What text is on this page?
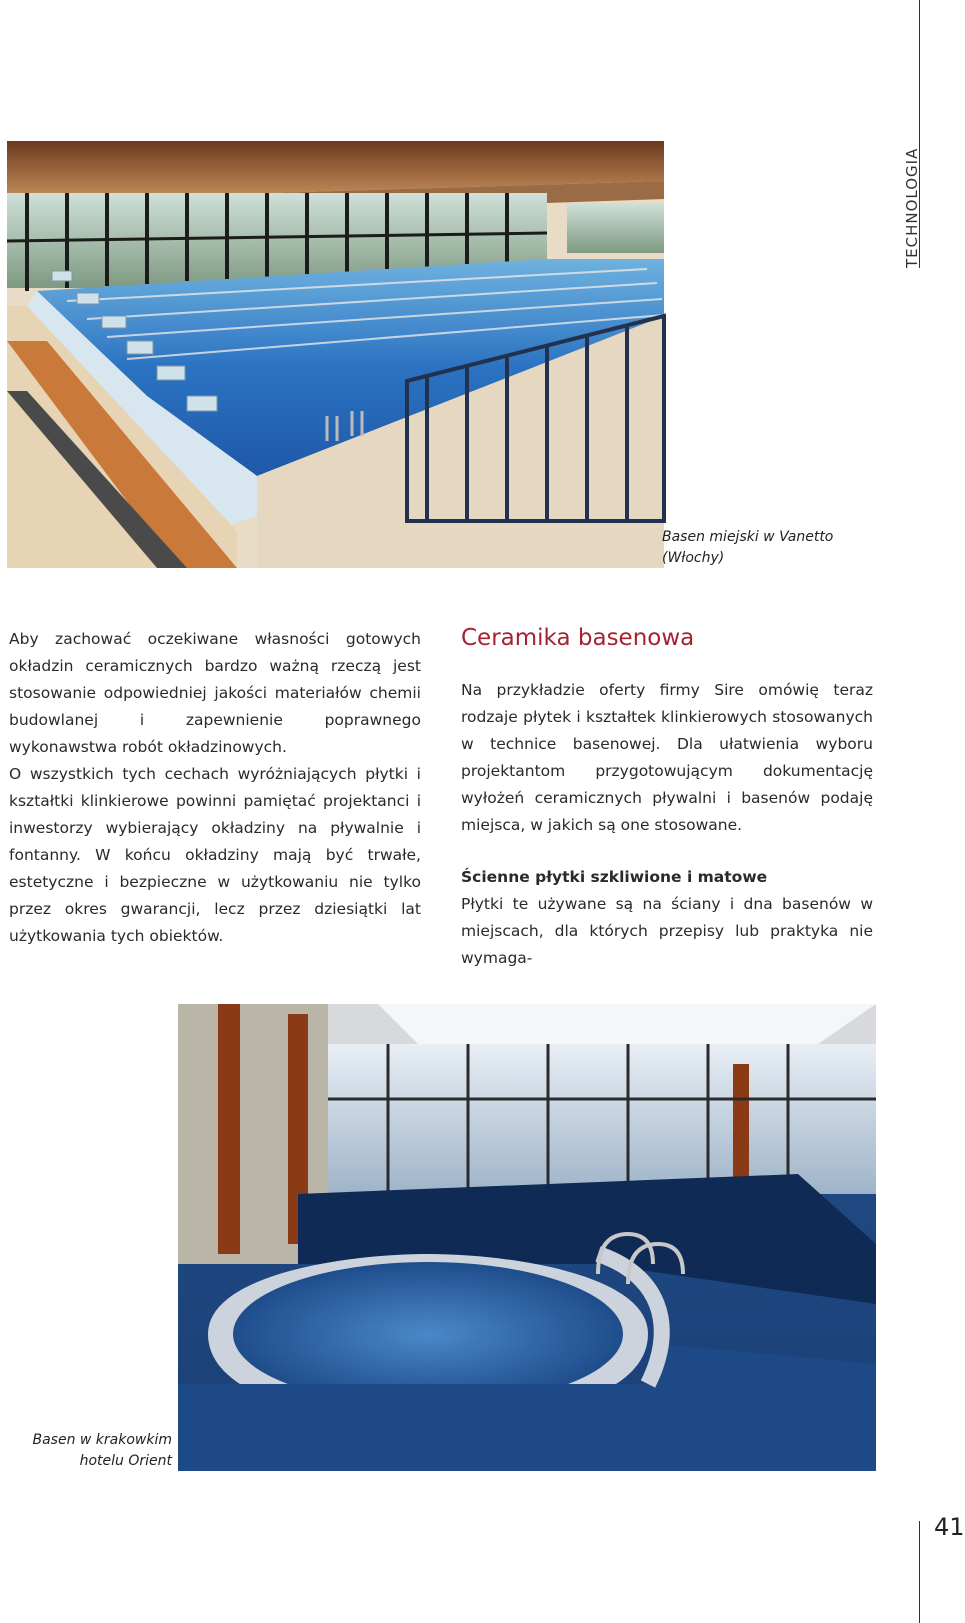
TECHNOLOGIA
Basen miejski w Vanetto
(Włochy)

Aby zachować oczekiwane własności gotowych okładzin ceramicznych bardzo ważną rzeczą jest stosowanie odpowiedniej jakości materiałów chemii budowlanej i zapewnienie poprawnego wykonawstwa robót okładzinowych.

O wszystkich tych cechach wyróżniających płytki i kształtki klinkierowe powinni pamiętać projektanci i inwestorzy wybierający okładziny na pływalnie i fontanny. W końcu okładziny mają być trwałe, estetyczne i bezpieczne w użytkowaniu nie tylko przez okres gwarancji, lecz przez dziesiątki lat użytkowania tych obiektów.

Ceramika basenowa

Na przykładzie oferty firmy Sire omówię teraz rodzaje płytek i kształtek klinkierowych stosowanych w technice basenowej. Dla ułatwienia wyboru projektantom przygotowującym dokumentację wyłożeń ceramicznych pływalni i basenów podaję miejsca, w jakich są one stosowane.

Ścienne płytki szkliwione i matowe

Płytki te używane są na ściany i dna basenów w miejscach, dla których przepisy lub praktyka nie wymaga-

Basen w krakowkim
hotelu Orient
41
